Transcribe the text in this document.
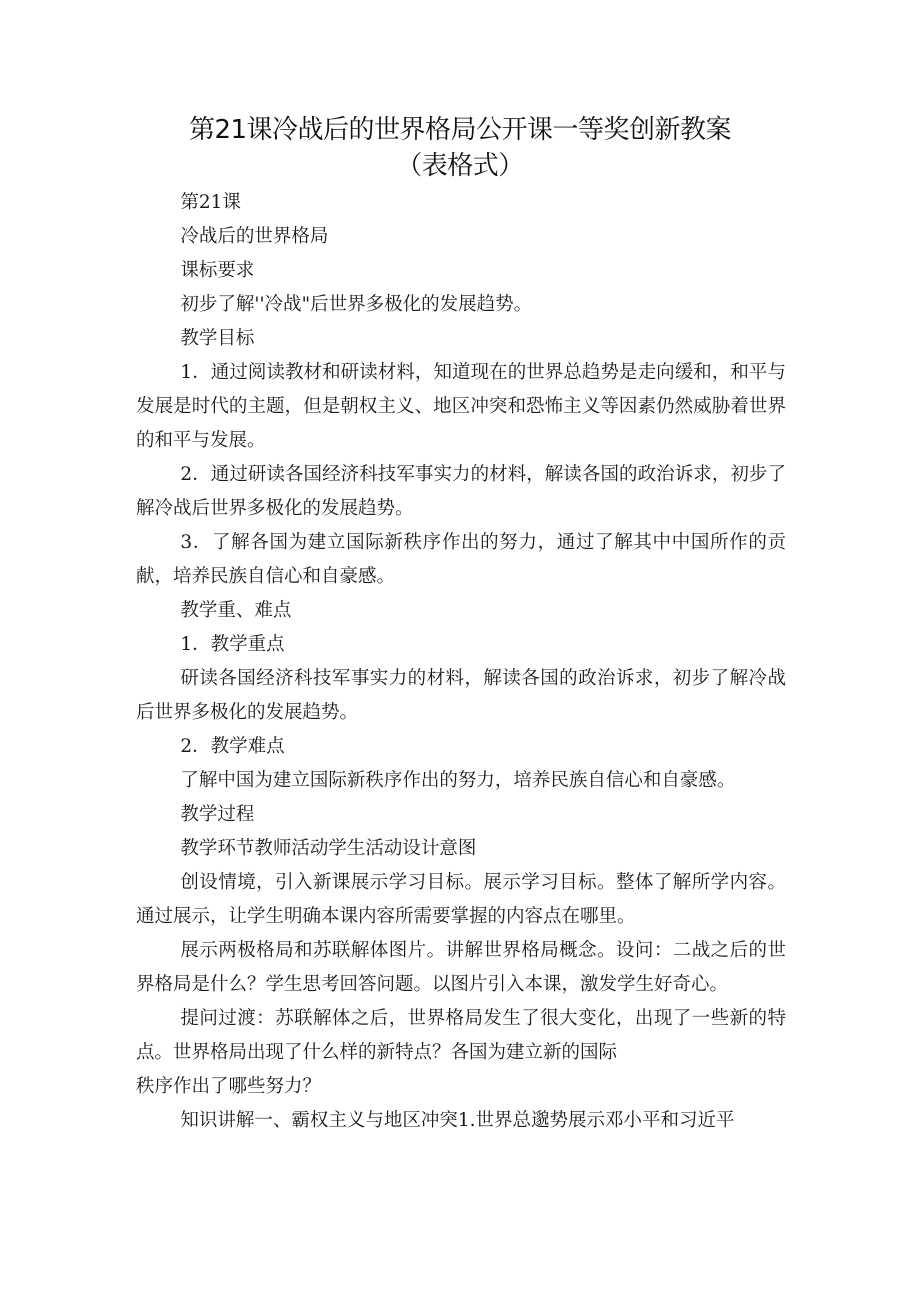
第21课冷战后的世界格局公开课一等奖创新教案
（表格式）

第21课

冷战后的世界格局

课标要求

初步了解''冷战"后世界多极化的发展趋势。

教学目标

1．通过阅读教材和研读材料，知道现在的世界总趋势是走向缓和，和平与发展是时代的主题，但是朝权主义、地区冲突和恐怖主义等因素仍然威胁着世界的和平与发展。

2．通过研读各国经济科技军事实力的材料，解读各国的政治诉求，初步了解冷战后世界多极化的发展趋势。

3．了解各国为建立国际新秩序作出的努力，通过了解其中中国所作的贡献，培养民族自信心和自豪感。

教学重、难点

1．教学重点

研读各国经济科技军事实力的材料，解读各国的政治诉求，初步了解冷战后世界多极化的发展趋势。

2．教学难点

了解中国为建立国际新秩序作出的努力，培养民族自信心和自豪感。

教学过程

教学环节教师活动学生活动设计意图

创设情境，引入新课展示学习目标。展示学习目标。整体了解所学内容。通过展示，让学生明确本课内容所需要掌握的内容点在哪里。

展示两极格局和苏联解体图片。讲解世界格局概念。设问：二战之后的世界格局是什么？学生思考回答问题。以图片引入本课，激发学生好奇心。

提问过渡：苏联解体之后，世界格局发生了很大变化，出现了一些新的特点。世界格局出现了什么样的新特点？各国为建立新的国际

秩序作出了哪些努力？

知识讲解一、霸权主义与地区冲突1.世界总邈势展示邓小平和习近平
